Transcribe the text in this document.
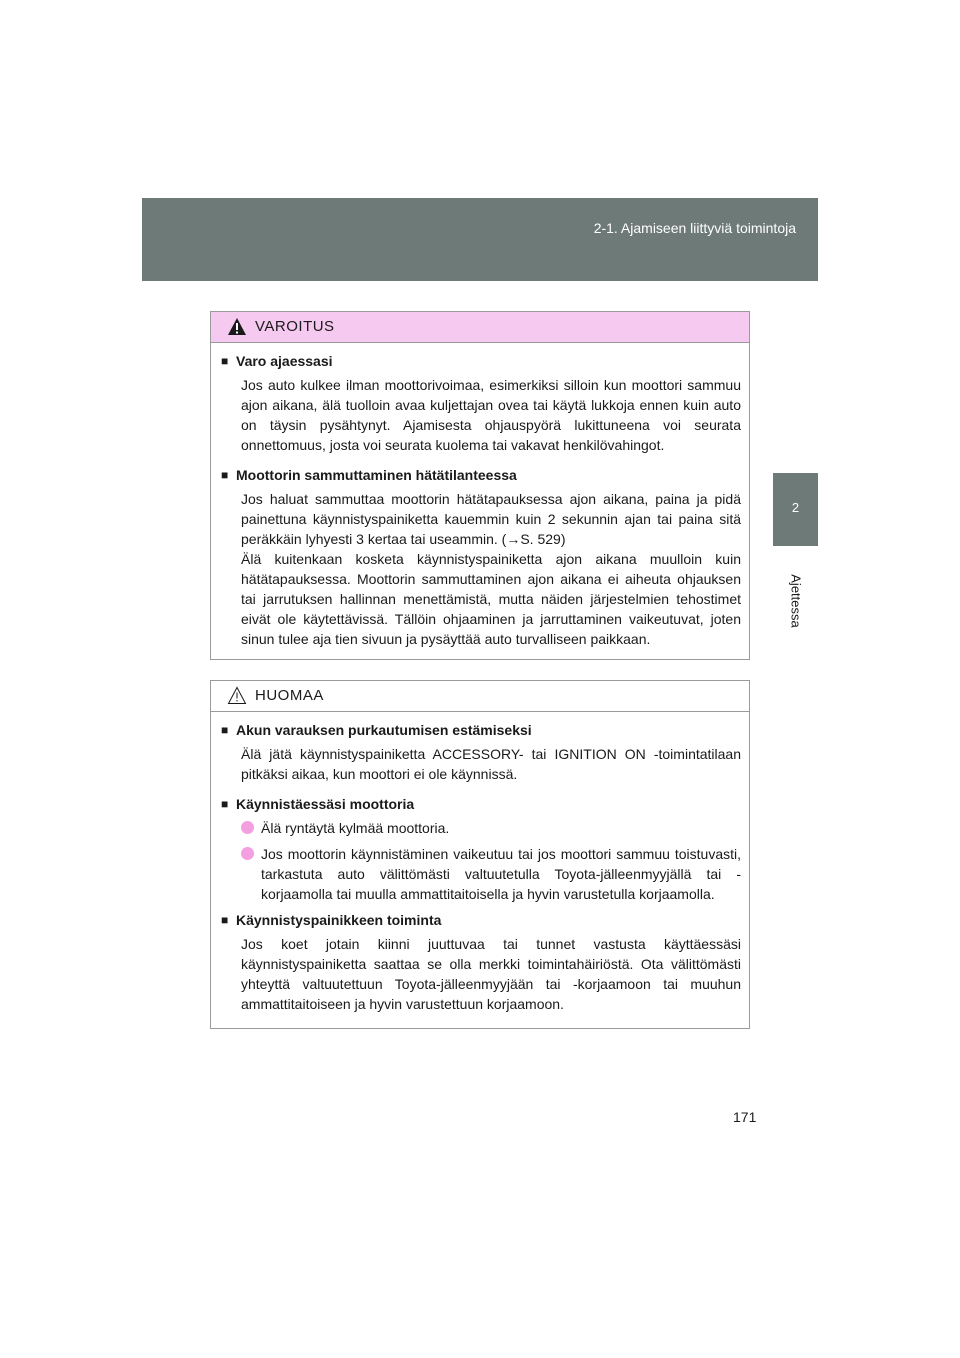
2-1. Ajamiseen liittyviä toimintoja
2
Ajettessa
VAROITUS
■ Varo ajaessasi

Jos auto kulkee ilman moottorivoimaa, esimerkiksi silloin kun moottori sammuu ajon aikana, älä tuolloin avaa kuljettajan ovea tai käytä lukkoja ennen kuin auto on täysin pysähtynyt. Ajamisesta ohjauspyörä lukittuneena voi seurata onnettomuus, josta voi seurata kuolema tai vakavat henkilövahingot.

■ Moottorin sammuttaminen hätätilanteessa

Jos haluat sammuttaa moottorin hätätapauksessa ajon aikana, paina ja pidä painettuna käynnistyspainiketta kauemmin kuin 2 sekunnin ajan tai paina sitä peräkkäin lyhyesti 3 kertaa tai useammin. (→S. 529)

Älä kuitenkaan kosketa käynnistyspainiketta ajon aikana muulloin kuin hätätapauksessa. Moottorin sammuttaminen ajon aikana ei aiheuta ohjauksen tai jarrutuksen hallinnan menettämistä, mutta näiden järjestelmien tehostimet eivät ole käytettävissä. Tällöin ohjaaminen ja jarruttaminen vaikeutuvat, joten sinun tulee aja tien sivuun ja pysäyttää auto turvalliseen paikkaan.

HUOMAA
■ Akun varauksen purkautumisen estämiseksi

Älä jätä käynnistyspainiketta ACCESSORY- tai IGNITION ON -toimintatilaan pitkäksi aikaa, kun moottori ei ole käynnissä.

■ Käynnistäessäsi moottoria
Älä ryntäytä kylmää moottoria.
Jos moottorin käynnistäminen vaikeutuu tai jos moottori sammuu toistuvasti, tarkastuta auto välittömästi valtuutetulla Toyota-jälleenmyyjällä tai -korjaamolla tai muulla ammattitaitoisella ja hyvin varustetulla korjaamolla.
■ Käynnistyspainikkeen toiminta

Jos koet jotain kiinni juuttuvaa tai tunnet vastusta käyttäessäsi käynnistyspainiketta saattaa se olla merkki toimintahäiriöstä. Ota välittömästi yhteyttä valtuutettuun Toyota-jälleenmyyjään tai -korjaamoon tai muuhun ammattitaitoiseen ja hyvin varustettuun korjaamoon.

171
